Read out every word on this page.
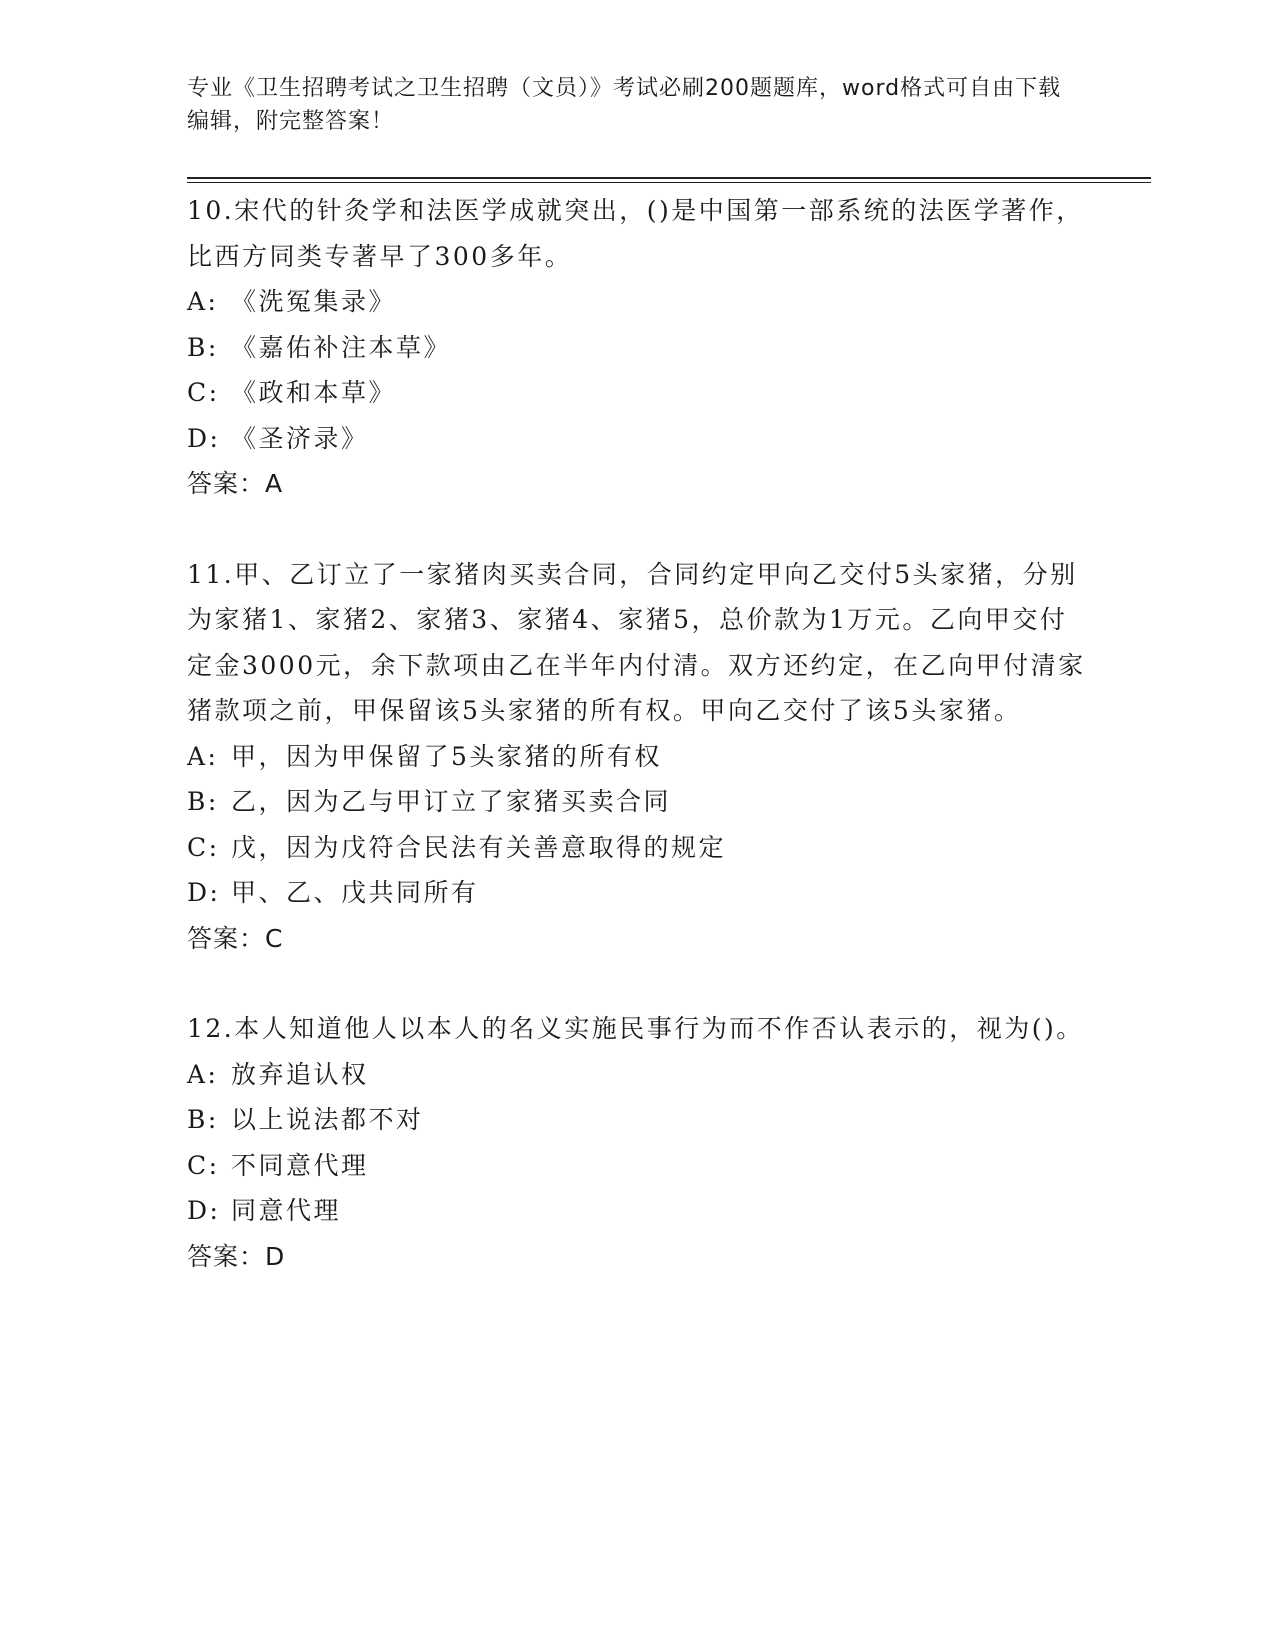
专业《卫生招聘考试之卫生招聘（文员）》考试必刷200题题库，word格式可自由下载编辑，附完整答案！

10.宋代的针灸学和法医学成就突出，()是中国第一部系统的法医学著作，比西方同类专著早了300多年。

A: 《洗冤集录》

B: 《嘉佑补注本草》

C: 《政和本草》

D: 《圣济录》

答案：A

11.甲、乙订立了一家猪肉买卖合同，合同约定甲向乙交付5头家猪，分别为家猪1、家猪2、家猪3、家猪4、家猪5，总价款为1万元。乙向甲交付定金3000元，余下款项由乙在半年内付清。双方还约定，在乙向甲付清家猪款项之前，甲保留该5头家猪的所有权。甲向乙交付了该5头家猪。

A: 甲，因为甲保留了5头家猪的所有权

B: 乙，因为乙与甲订立了家猪买卖合同

C: 戊，因为戊符合民法有关善意取得的规定

D: 甲、乙、戊共同所有

答案：C

12.本人知道他人以本人的名义实施民事行为而不作否认表示的，视为()。

A: 放弃追认权

B: 以上说法都不对

C: 不同意代理

D: 同意代理

答案：D
